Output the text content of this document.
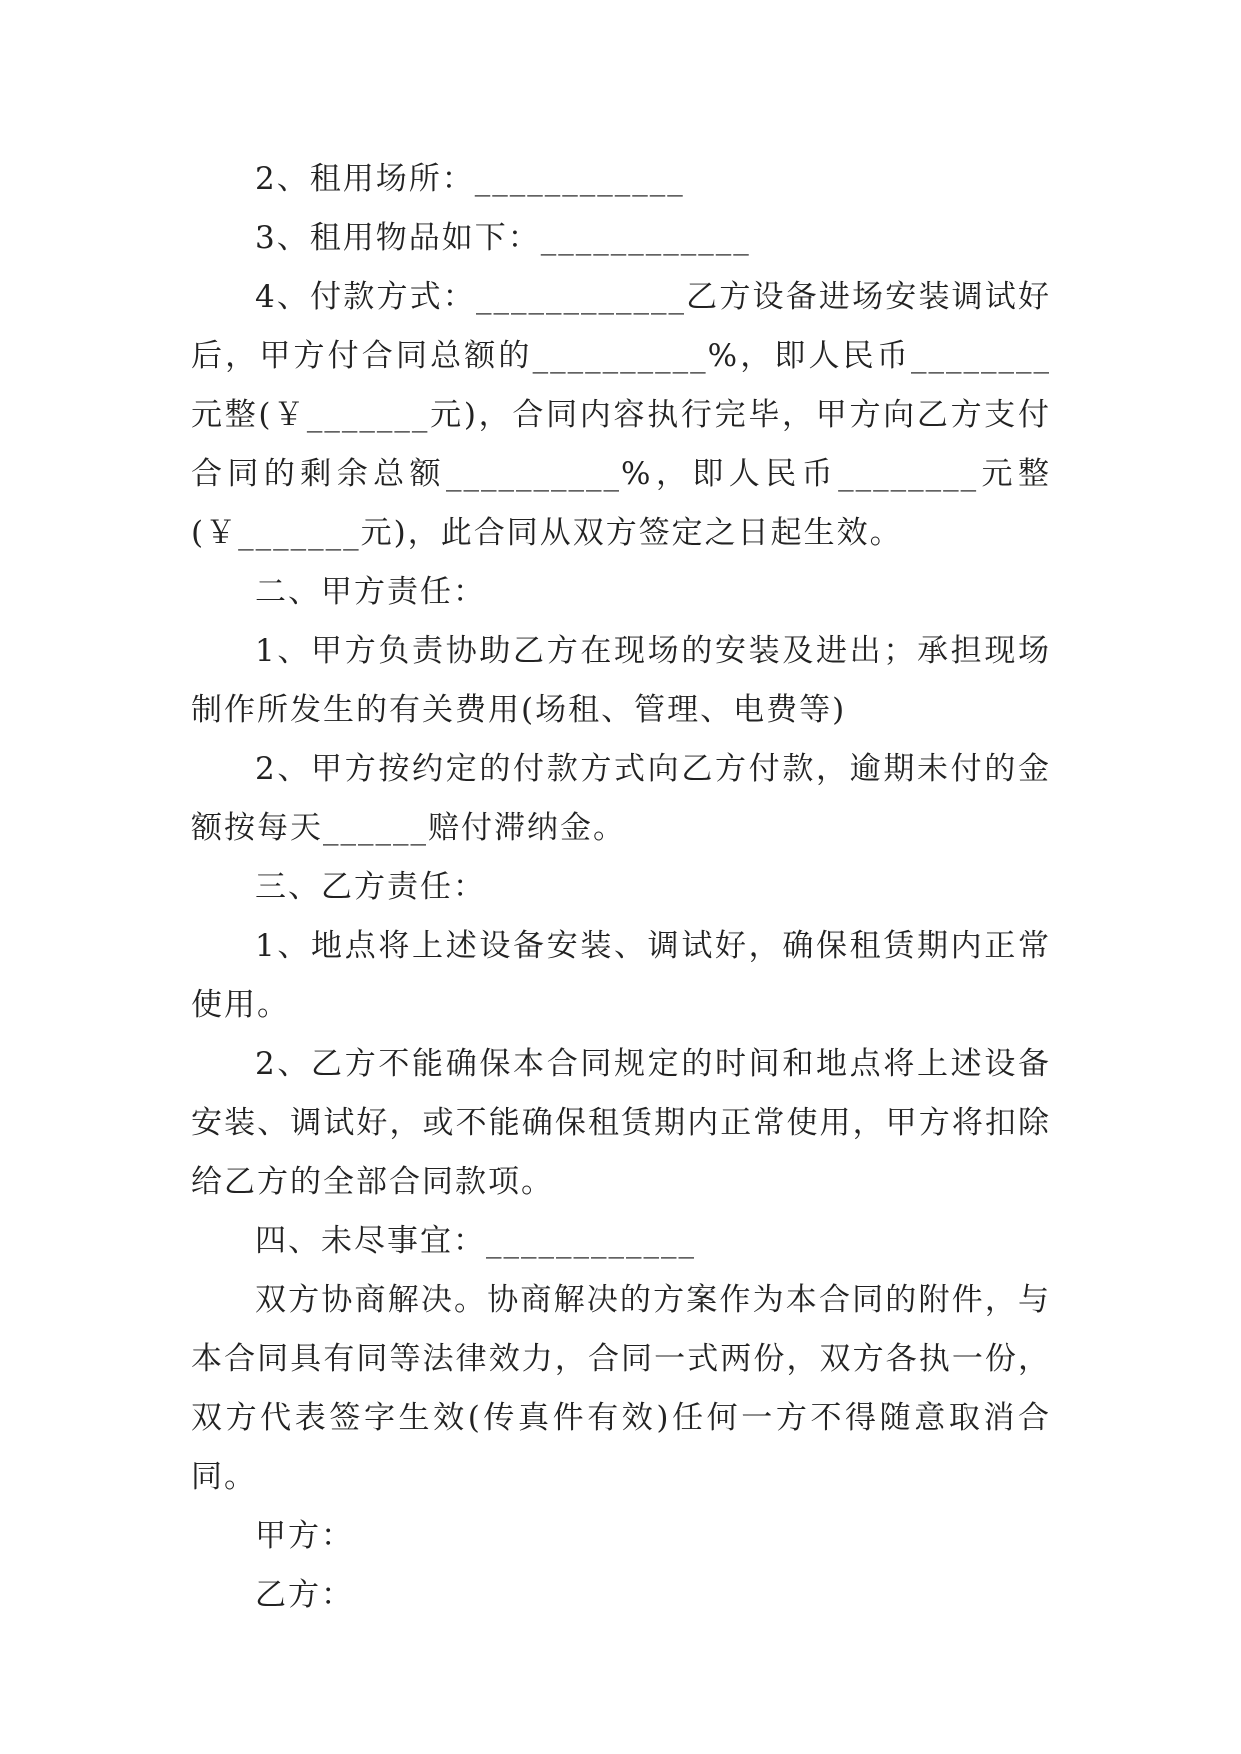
2、租用场所：____________

3、租用物品如下：____________

4、付款方式：____________乙方设备进场安装调试好后，甲方付合同总额的__________%，即人民币________元整(￥_______元)，合同内容执行完毕，甲方向乙方支付合同的剩余总额__________%，即人民币________元整(￥_______元)，此合同从双方签定之日起生效。

二、甲方责任：

1、甲方负责协助乙方在现场的安装及进出；承担现场制作所发生的有关费用(场租、管理、电费等)

2、甲方按约定的付款方式向乙方付款，逾期未付的金额按每天______赔付滞纳金。

三、乙方责任：

1、地点将上述设备安装、调试好，确保租赁期内正常使用。

2、乙方不能确保本合同规定的时间和地点将上述设备安装、调试好，或不能确保租赁期内正常使用，甲方将扣除给乙方的全部合同款项。

四、未尽事宜：____________

双方协商解决。协商解决的方案作为本合同的附件，与本合同具有同等法律效力，合同一式两份，双方各执一份，双方代表签字生效(传真件有效)任何一方不得随意取消合同。

甲方：

乙方：
